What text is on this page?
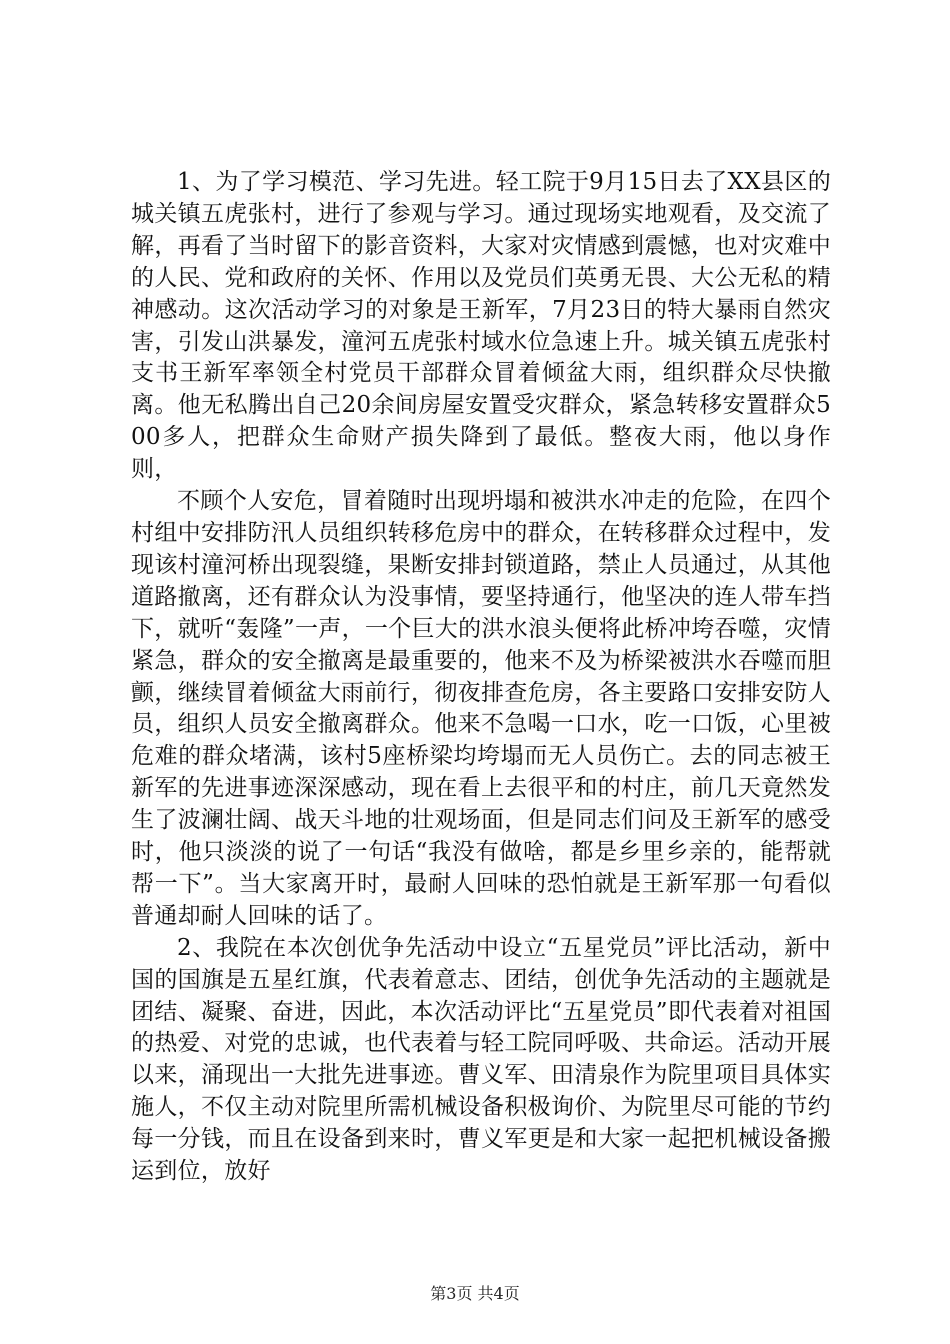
1、为了学习模范、学习先进。轻工院于9月15日去了XX县区的城关镇五虎张村，进行了参观与学习。通过现场实地观看，及交流了解，再看了当时留下的影音资料，大家对灾情感到震憾，也对灾难中的人民、党和政府的关怀、作用以及党员们英勇无畏、大公无私的精神感动。这次活动学习的对象是王新军，7月23日的特大暴雨自然灾害，引发山洪暴发，潼河五虎张村域水位急速上升。城关镇五虎张村支书王新军率领全村党员干部群众冒着倾盆大雨，组织群众尽快撤离。他无私腾出自己20余间房屋安置受灾群众，紧急转移安置群众500多人，把群众生命财产损失降到了最低。整夜大雨，他以身作则，

不顾个人安危，冒着随时出现坍塌和被洪水冲走的危险，在四个村组中安排防汛人员组织转移危房中的群众，在转移群众过程中，发现该村潼河桥出现裂缝，果断安排封锁道路，禁止人员通过，从其他道路撤离，还有群众认为没事情，要坚持通行，他坚决的连人带车挡下，就听“轰隆”一声，一个巨大的洪水浪头便将此桥冲垮吞噬，灾情紧急，群众的安全撤离是最重要的，他来不及为桥梁被洪水吞噬而胆颤，继续冒着倾盆大雨前行，彻夜排查危房，各主要路口安排安防人员，组织人员安全撤离群众。他来不急喝一口水，吃一口饭，心里被危难的群众堵满，该村5座桥梁均垮塌而无人员伤亡。去的同志被王新军的先进事迹深深感动，现在看上去很平和的村庄，前几天竟然发生了波澜壮阔、战天斗地的壮观场面，但是同志们问及王新军的感受时，他只淡淡的说了一句话“我没有做啥，都是乡里乡亲的，能帮就帮一下”。当大家离开时，最耐人回味的恐怕就是王新军那一句看似普通却耐人回味的话了。

2、我院在本次创优争先活动中设立“五星党员”评比活动，新中国的国旗是五星红旗，代表着意志、团结，创优争先活动的主题就是团结、凝聚、奋进，因此，本次活动评比“五星党员”即代表着对祖国的热爱、对党的忠诚，也代表着与轻工院同呼吸、共命运。活动开展以来，涌现出一大批先进事迹。曹义军、田清泉作为院里项目具体实施人，不仅主动对院里所需机械设备积极询价、为院里尽可能的节约每一分钱，而且在设备到来时，曹义军更是和大家一起把机械设备搬运到位，放好

第3页 共4页
